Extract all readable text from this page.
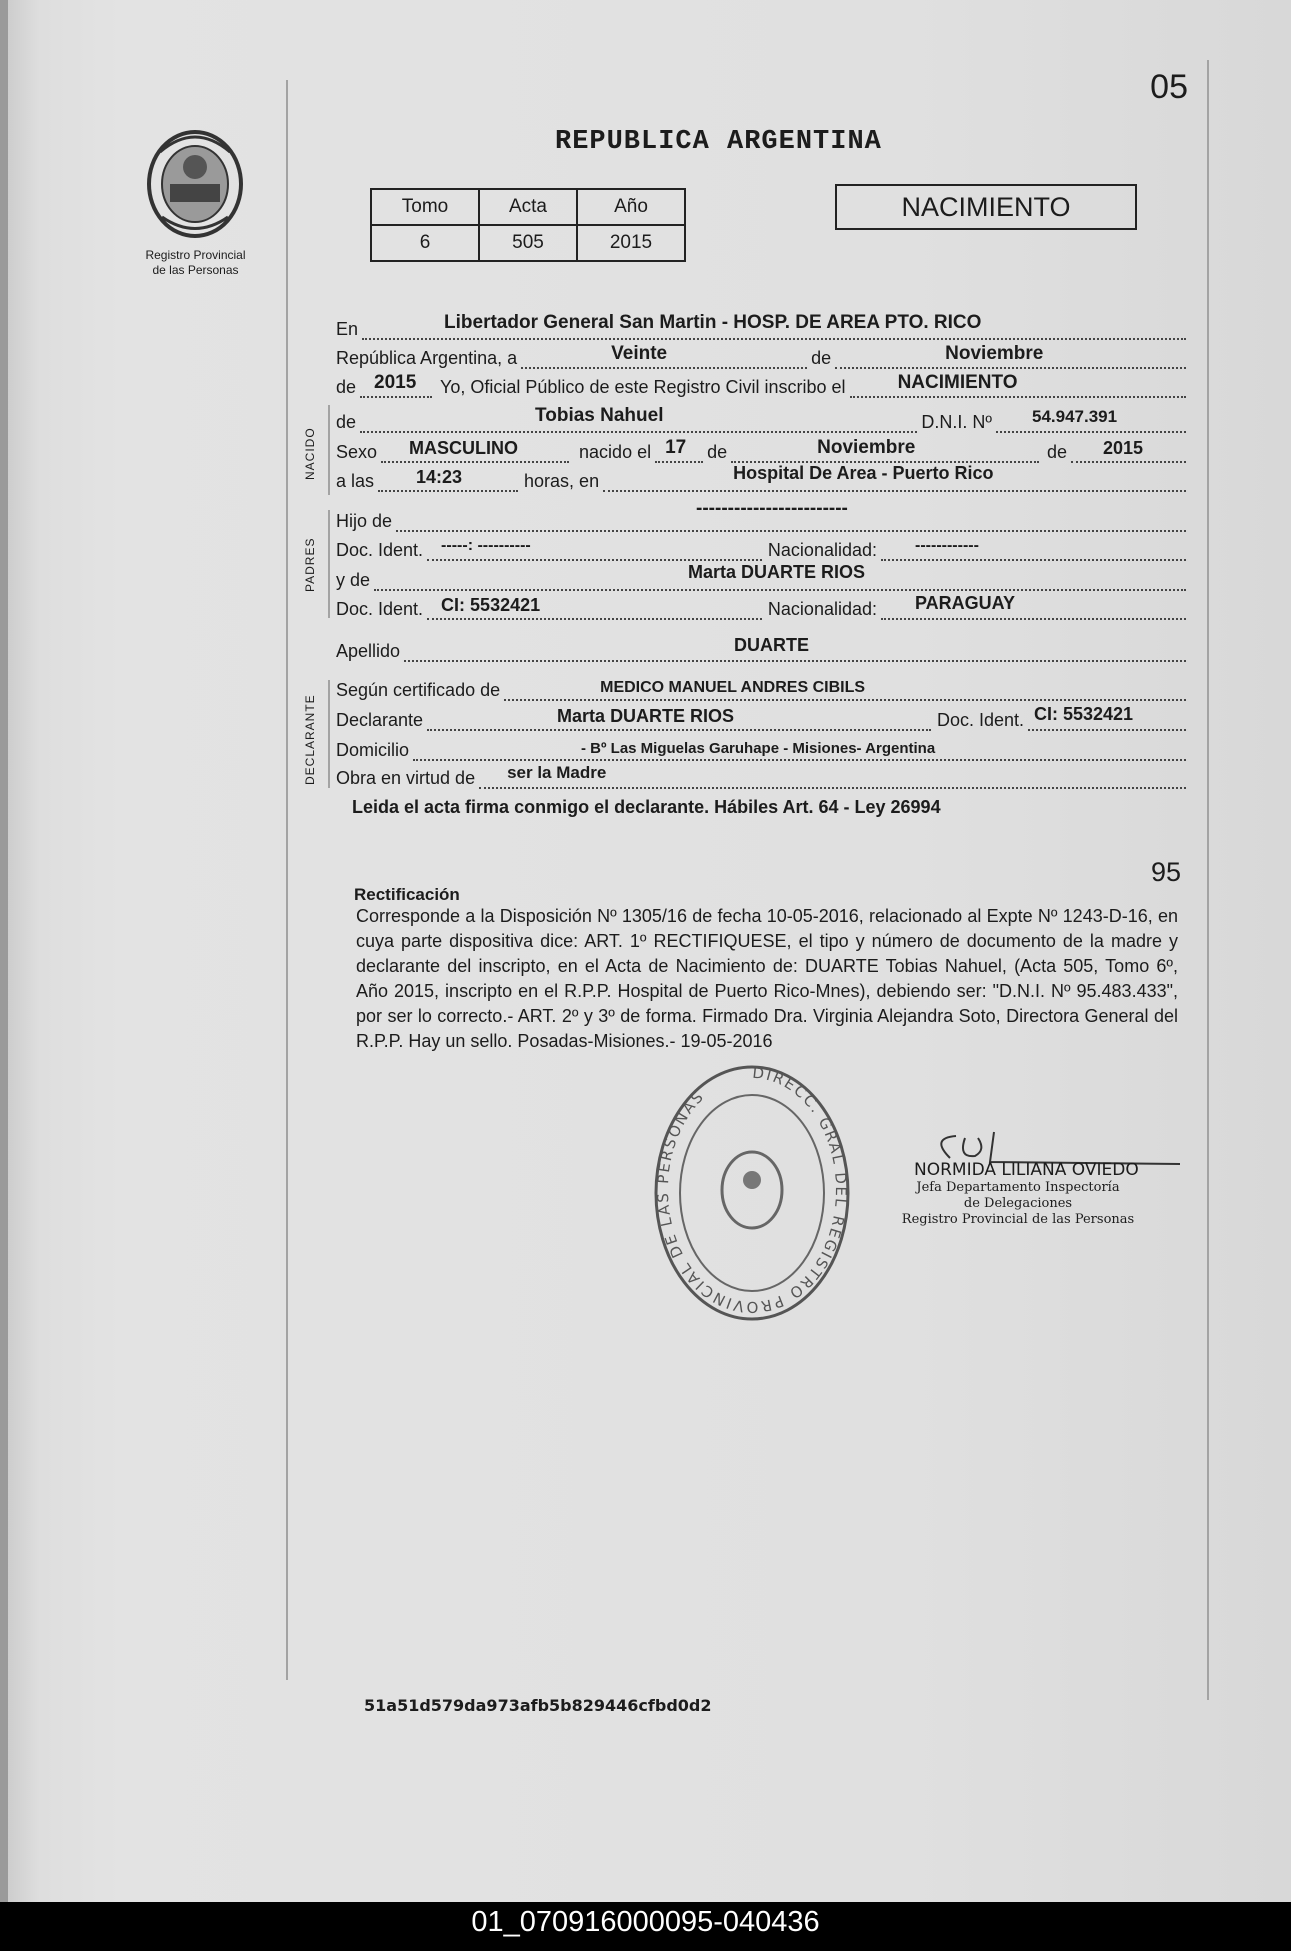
05
Registro Provincial
de las Personas
REPUBLICA ARGENTINA
Tomo	Acta	Año
6	505	2015
NACIMIENTO
NACIDO
PADRES
DECLARANTE
En	Libertador General San Martin - HOSP. DE AREA PTO. RICO
República Argentina, a	Veinte	de	Noviembre
de 2015	Yo, Oficial Público de este Registro Civil inscribo el	NACIMIENTO
de	Tobias Nahuel	D.N.I. Nº 54.947.391
Sexo MASCULINO	nacido el 17 de	Noviembre	de 2015
a las 14:23	horas, en	Hospital De Area - Puerto Rico
Hijo de
------------------------
Doc. Ident. -----: ----------	Nacionalidad: ------------
y de	Marta DUARTE RIOS
Doc. Ident. CI: 5532421	Nacionalidad: PARAGUAY
Apellido	DUARTE
Según certificado de	MEDICO MANUEL ANDRES CIBILS
Declarante	Marta DUARTE RIOS	Doc. Ident. CI: 5532421
Domicilio	- Bº Las Miguelas Garuhape - Misiones- Argentina
Obra en virtud de ser la Madre
Leida el acta firma conmigo el declarante. Hábiles Art. 64 - Ley 26994
95
Rectificación
Corresponde a la Disposición Nº 1305/16 de fecha 10-05-2016, relacionado al Expte Nº 1243-D-16, en cuya parte dispositiva dice: ART. 1º RECTIFIQUESE, el tipo y número de documento de la madre y declarante del inscripto, en el Acta de Nacimiento de: DUARTE Tobias Nahuel, (Acta 505, Tomo 6º, Año 2015, inscripto en el R.P.P. Hospital de Puerto Rico-Mnes), debiendo ser: "D.N.I. Nº 95.483.433", por ser lo correcto.- ART. 2º y 3º de forma. Firmado Dra. Virginia Alejandra Soto, Directora General del R.P.P. Hay un sello. Posadas-Misiones.- 19-05-2016
DIRECC. GRAL DEL REGISTRO PROVINCIAL DE LAS PERSONAS
NORMIDA LILIANA OVIEDO
Jefa Departamento Inspectoría
de Delegaciones
Registro Provincial de las Personas
51a51d579da973afb5b829446cfbd0d2
01_070916000095-040436
